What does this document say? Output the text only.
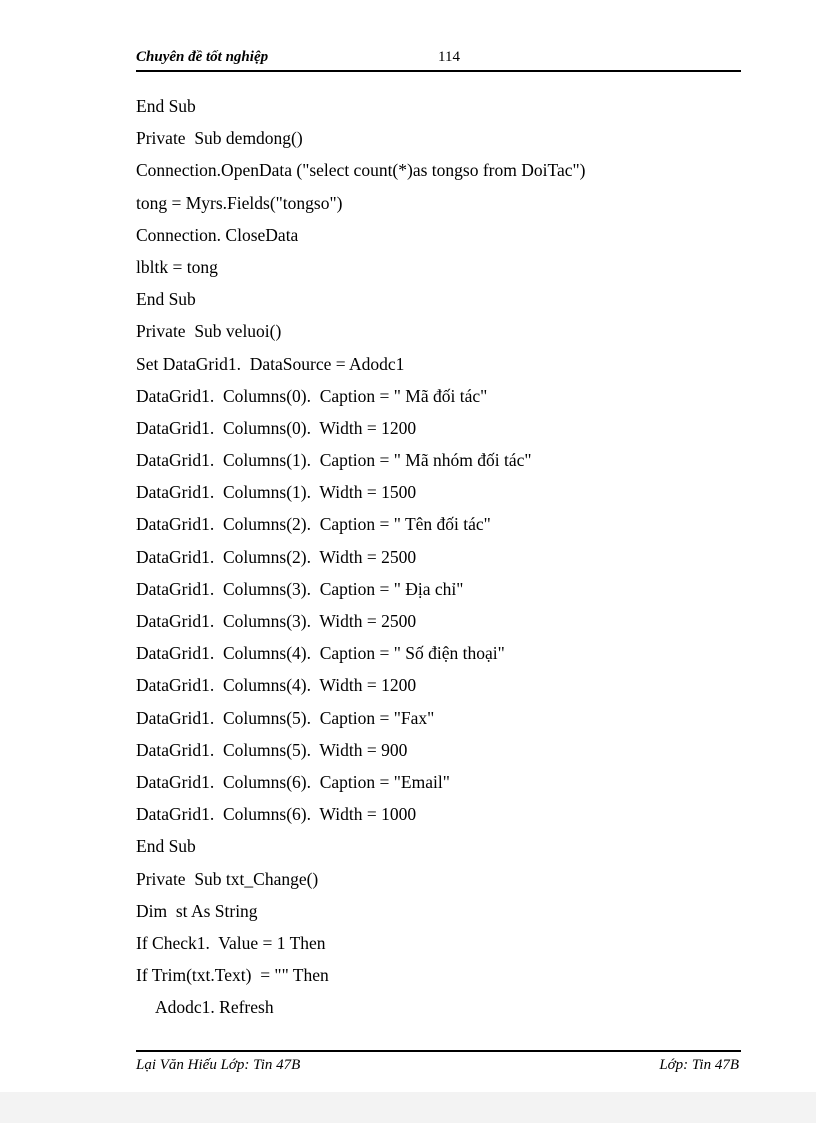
Chuyên đề tốt nghiệp	114
End Sub
Private  Sub demdong()
Connection.OpenData ("select count(*)as tongso from DoiTac")
tong = Myrs.Fields("tongso")
Connection. CloseData
lbltk = tong
End Sub
Private  Sub veluoi()
Set DataGrid1.  DataSource = Adodc1
DataGrid1.  Columns(0).  Caption = " Mã đối tác"
DataGrid1.  Columns(0).  Width = 1200
DataGrid1.  Columns(1).  Caption = " Mã nhóm đối tác"
DataGrid1.  Columns(1).  Width = 1500
DataGrid1.  Columns(2).  Caption = " Tên đối tác"
DataGrid1.  Columns(2).  Width = 2500
DataGrid1.  Columns(3).  Caption = " Địa chỉ"
DataGrid1.  Columns(3).  Width = 2500
DataGrid1.  Columns(4).  Caption = " Số điện thoại"
DataGrid1.  Columns(4).  Width = 1200
DataGrid1.  Columns(5).  Caption = "Fax"
DataGrid1.  Columns(5).  Width = 900
DataGrid1.  Columns(6).  Caption = "Email"
DataGrid1.  Columns(6).  Width = 1000
End Sub
Private  Sub txt_Change()
Dim  st As String
If Check1.  Value = 1 Then
If Trim(txt.Text)  = "" Then
Adodc1. Refresh
Lại Văn Hiếu Lớp: Tin 47B	Lớp: Tin 47B
